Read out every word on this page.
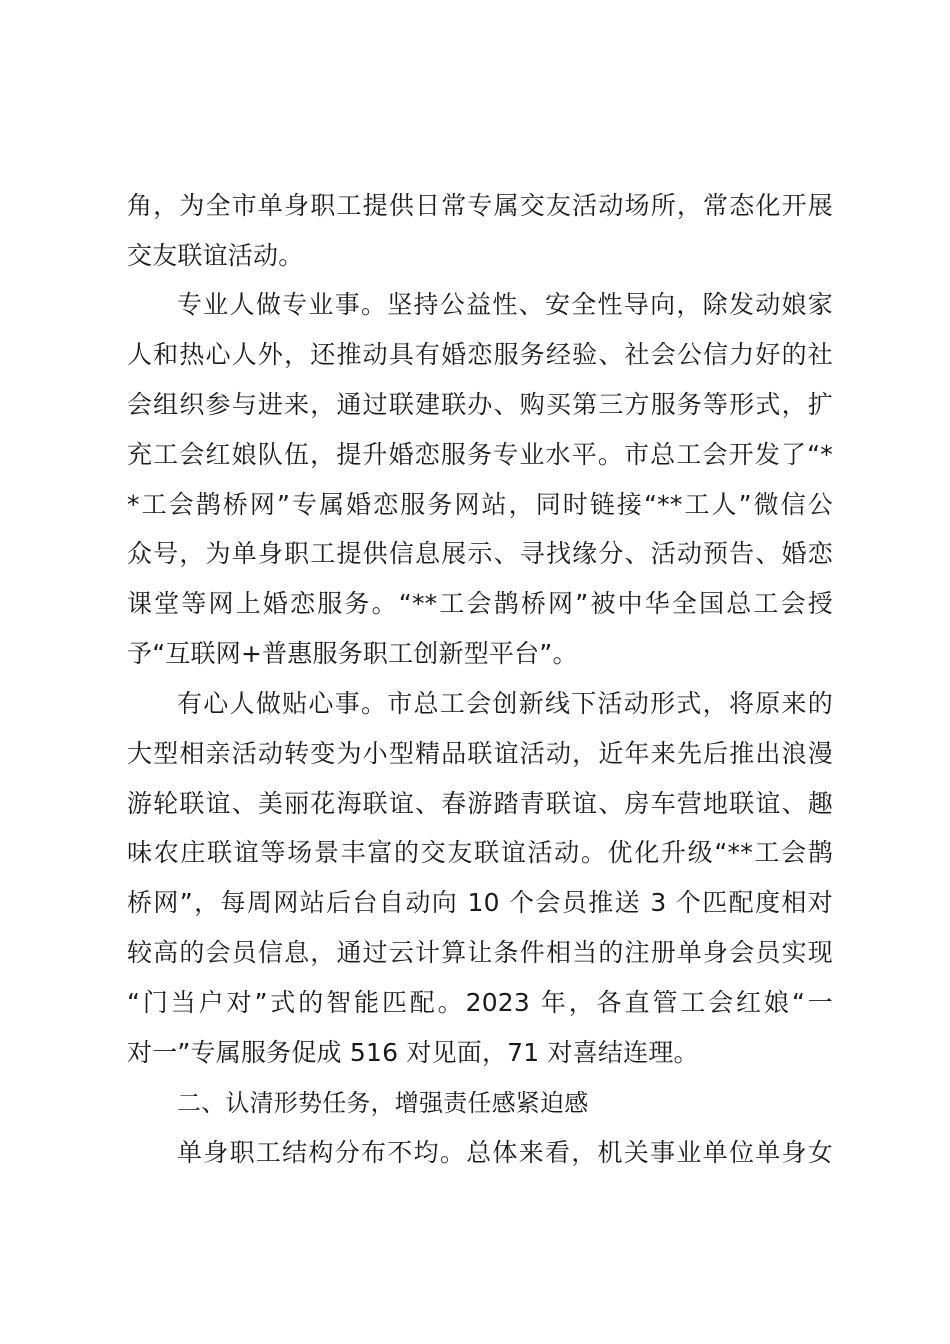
角，为全市单身职工提供日常专属交友活动场所，常态化开展
交友联谊活动。
专业人做专业事。坚持公益性、安全性导向，除发动娘家
人和热心人外，还推动具有婚恋服务经验、社会公信力好的社
会组织参与进来，通过联建联办、购买第三方服务等形式，扩
充工会红娘队伍，提升婚恋服务专业水平。市总工会开发了“*
*工会鹊桥网”专属婚恋服务网站，同时链接“**工人”微信公
众号，为单身职工提供信息展示、寻找缘分、活动预告、婚恋
课堂等网上婚恋服务。“**工会鹊桥网”被中华全国总工会授
予“互联网+普惠服务职工创新型平台”。
有心人做贴心事。市总工会创新线下活动形式，将原来的
大型相亲活动转变为小型精品联谊活动，近年来先后推出浪漫
游轮联谊、美丽花海联谊、春游踏青联谊、房车营地联谊、趣
味农庄联谊等场景丰富的交友联谊活动。优化升级“**工会鹊
桥网”，每周网站后台自动向 10 个会员推送 3 个匹配度相对
较高的会员信息，通过云计算让条件相当的注册单身会员实现
“门当户对”式的智能匹配。2023 年，各直管工会红娘“一
对一”专属服务促成 516 对见面，71 对喜结连理。
二、认清形势任务，增强责任感紧迫感
单身职工结构分布不均。总体来看，机关事业单位单身女
